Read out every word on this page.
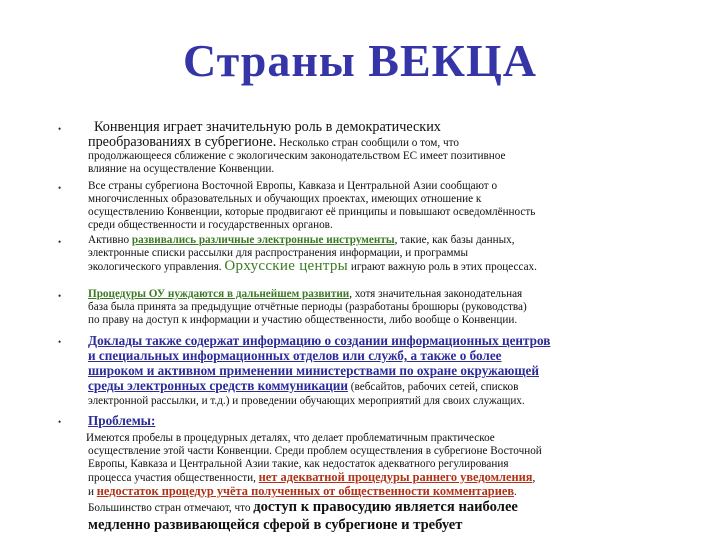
Страны ВЕКЦА
•	Конвенция играет значительную роль в демократических
преобразованиях в субрегионе. Несколько стран сообщили о том, что
продолжающееся сближение с экологическим законодательством ЕС имеет позитивное
влияние на осуществление Конвенции.
• Все страны субрегиона Восточной Европы, Кавказа и Центральной Азии сообщают о
многочисленных образовательных и обучающих проектах, имеющих отношение к
осуществлению Конвенции, которые продвигают её принципы и повышают осведомлённость
среди общественности и государственных органов.
• Активно развивались различные электронные инструменты, такие, как базы данных,
электронные списки рассылки для распространения информации, и программы
экологического управления. Орхусские центры играют важную роль в этих процессах.
• Процедуры ОУ нуждаются в дальнейшем развитии, хотя значительная законодательная
база была принята за предыдущие отчётные периоды (разработаны брошюры (руководства)
по праву на доступ к информации и участию общественности, либо вообще о Конвенции.
• Доклады также содержат информацию о создании информационных центров
и специальных информационных отделов или служб, а также о более
широком и активном применении министерствами по охране окружающей
среды электронных средств коммуникации (вебсайтов, рабочих сетей, списков
электронной рассылки, и т.д.) и проведении обучающих мероприятий для своих служащих.
• Проблемы:
Имеются пробелы в процедурных деталях, что делает проблематичным практическое
осуществление этой части Конвенции. Среди проблем осуществления в субрегионе Восточной
Европы, Кавказа и Центральной Азии такие, как недостаток адекватного регулирования
процесса участия общественности, нет адекватной процедуры раннего уведомления,
и недостаток процедур учёта полученных от общественности комментариев.
Большинство стран отмечают, что доступ к правосудию является наиболее
медленно развивающейся сферой в субрегионе и требует
